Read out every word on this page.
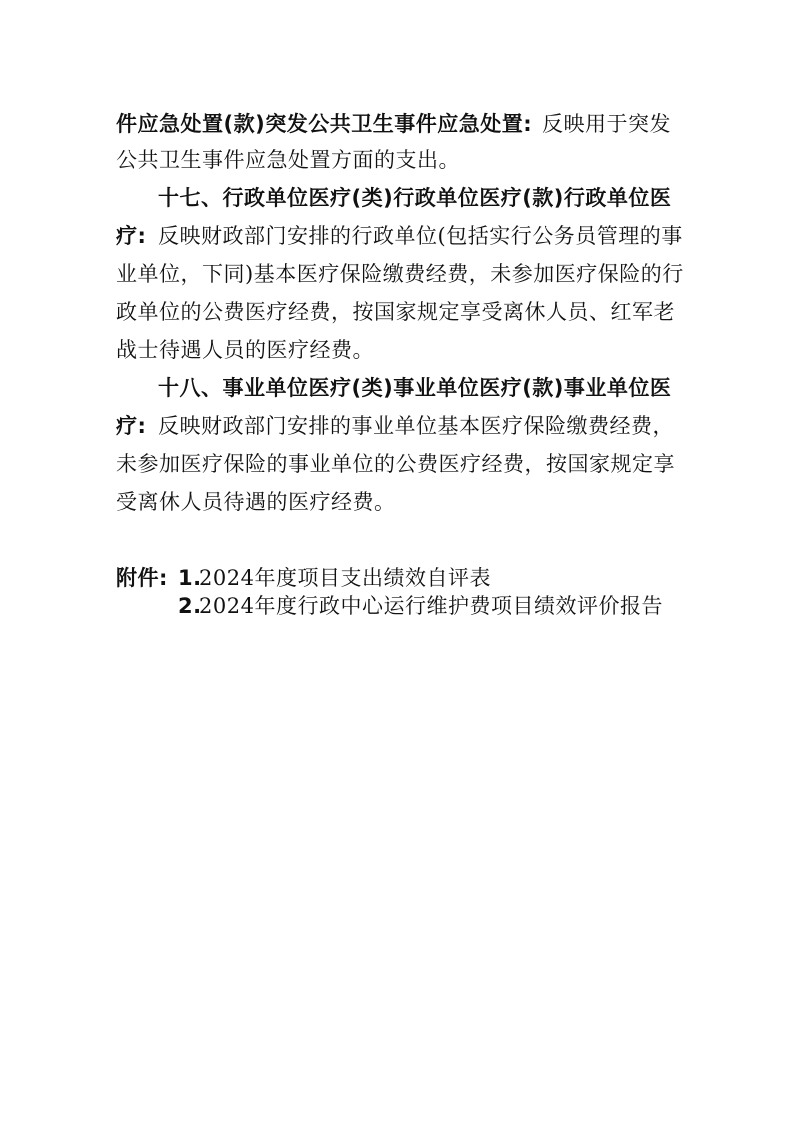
件应急处置(款)突发公共卫生事件应急处置: 反映用于突发
公共卫生事件应急处置方面的支出。
十七、行政单位医疗(类)行政单位医疗(款)行政单位医
疗: 反映财政部门安排的行政单位(包括实行公务员管理的事
业单位，下同)基本医疗保险缴费经费，未参加医疗保险的行
政单位的公费医疗经费，按国家规定享受离休人员、红军老
战士待遇人员的医疗经费。
十八、事业单位医疗(类)事业单位医疗(款)事业单位医
疗: 反映财政部门安排的事业单位基本医疗保险缴费经费，
未参加医疗保险的事业单位的公费医疗经费，按国家规定享
受离休人员待遇的医疗经费。
附件: 1.
2024年度项目支出绩效自评表
2.
2024年度行政中心运行维护费项目绩效评价报告
